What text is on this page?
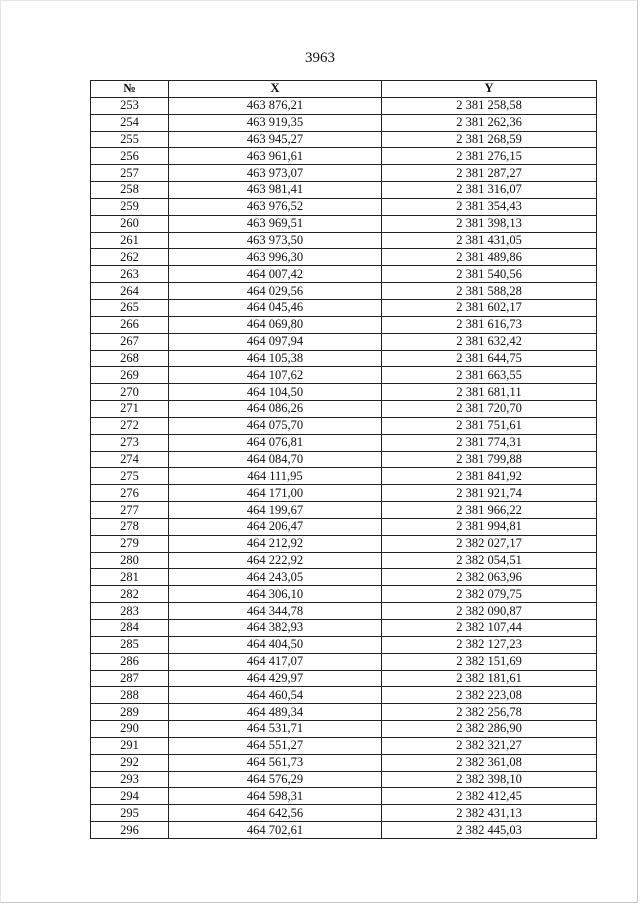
3963
№	X	Y
253	463 876,21	2 381 258,58
254	463 919,35	2 381 262,36
255	463 945,27	2 381 268,59
256	463 961,61	2 381 276,15
257	463 973,07	2 381 287,27
258	463 981,41	2 381 316,07
259	463 976,52	2 381 354,43
260	463 969,51	2 381 398,13
261	463 973,50	2 381 431,05
262	463 996,30	2 381 489,86
263	464 007,42	2 381 540,56
264	464 029,56	2 381 588,28
265	464 045,46	2 381 602,17
266	464 069,80	2 381 616,73
267	464 097,94	2 381 632,42
268	464 105,38	2 381 644,75
269	464 107,62	2 381 663,55
270	464 104,50	2 381 681,11
271	464 086,26	2 381 720,70
272	464 075,70	2 381 751,61
273	464 076,81	2 381 774,31
274	464 084,70	2 381 799,88
275	464 111,95	2 381 841,92
276	464 171,00	2 381 921,74
277	464 199,67	2 381 966,22
278	464 206,47	2 381 994,81
279	464 212,92	2 382 027,17
280	464 222,92	2 382 054,51
281	464 243,05	2 382 063,96
282	464 306,10	2 382 079,75
283	464 344,78	2 382 090,87
284	464 382,93	2 382 107,44
285	464 404,50	2 382 127,23
286	464 417,07	2 382 151,69
287	464 429,97	2 382 181,61
288	464 460,54	2 382 223,08
289	464 489,34	2 382 256,78
290	464 531,71	2 382 286,90
291	464 551,27	2 382 321,27
292	464 561,73	2 382 361,08
293	464 576,29	2 382 398,10
294	464 598,31	2 382 412,45
295	464 642,56	2 382 431,13
296	464 702,61	2 382 445,03
